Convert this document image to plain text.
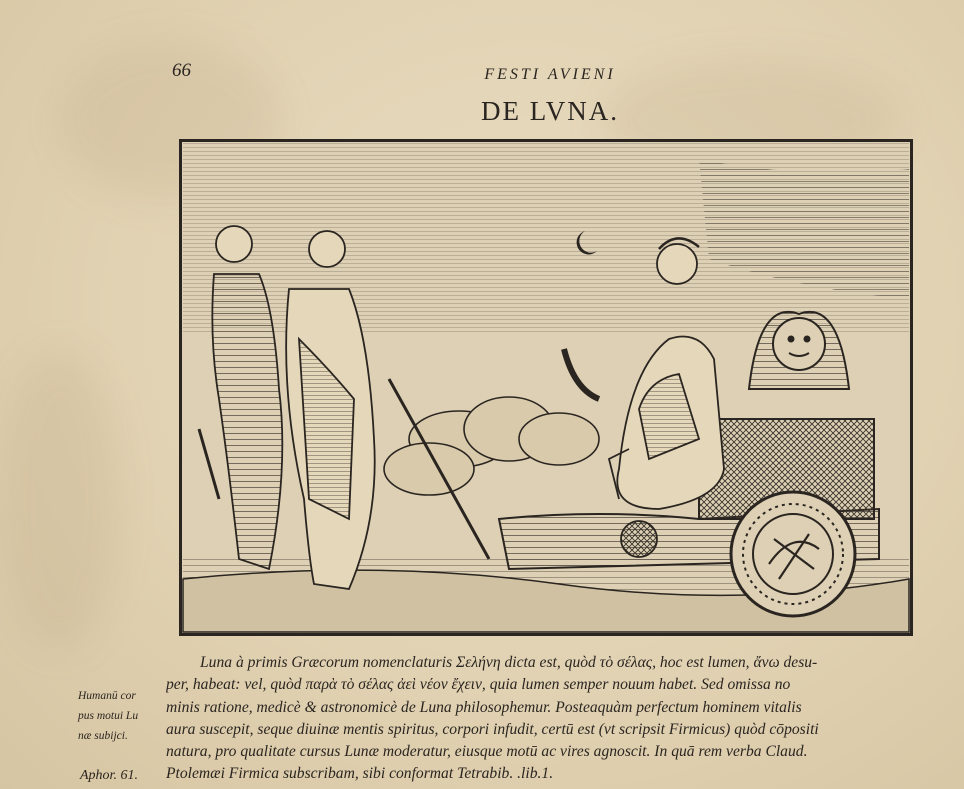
66	FESTI AVIENI
DE LVNA.
Humanū cor
pus motui Lu
næ subijci.
Luna à primis Græcorum nomenclaturis Σελήνη dicta est, quòd τὸ σέλας, hoc est lumen, ἄνω desu-
per, habeat: vel, quòd παρὰ τὸ σέλας ἀεὶ νέον ἔχειν, quia lumen semper nouum habet. Sed omissa no
minis ratione, medicè & astronomicè de Luna philosophemur. Posteaquàm perfectum hominem vitalis
aura suscepit, seque diuinæ mentis spiritus, corpori infudit, certū est (vt scripsit Firmicus) quòd cōpositi
natura, pro qualitate cursus Lunæ moderatur, eiusque motū ac vires agnoscit. In quā rem verba Claud.
Ptolemæi Firmica subscribam, sibi conformat Tetrabib. .lib.1.
Aphor. 61.
